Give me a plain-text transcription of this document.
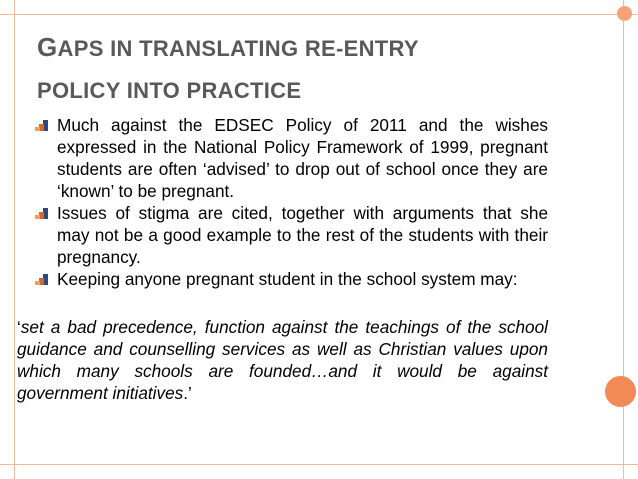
GAPS IN TRANSLATING RE-ENTRY
POLICY INTO PRACTICE
Much against the EDSEC Policy of 2011 and the wishes expressed in the National Policy Framework of 1999, pregnant students are often ‘advised’ to drop out of school once they are ‘known’ to be pregnant.
Issues of stigma are cited, together with arguments that she may not be a good example to the rest of the students with their pregnancy.
Keeping anyone pregnant student in the school system may:
‘set a bad precedence, function against the teachings of the school guidance and counselling services as well as Christian values upon which many schools are founded…and it would be against government initiatives.’
